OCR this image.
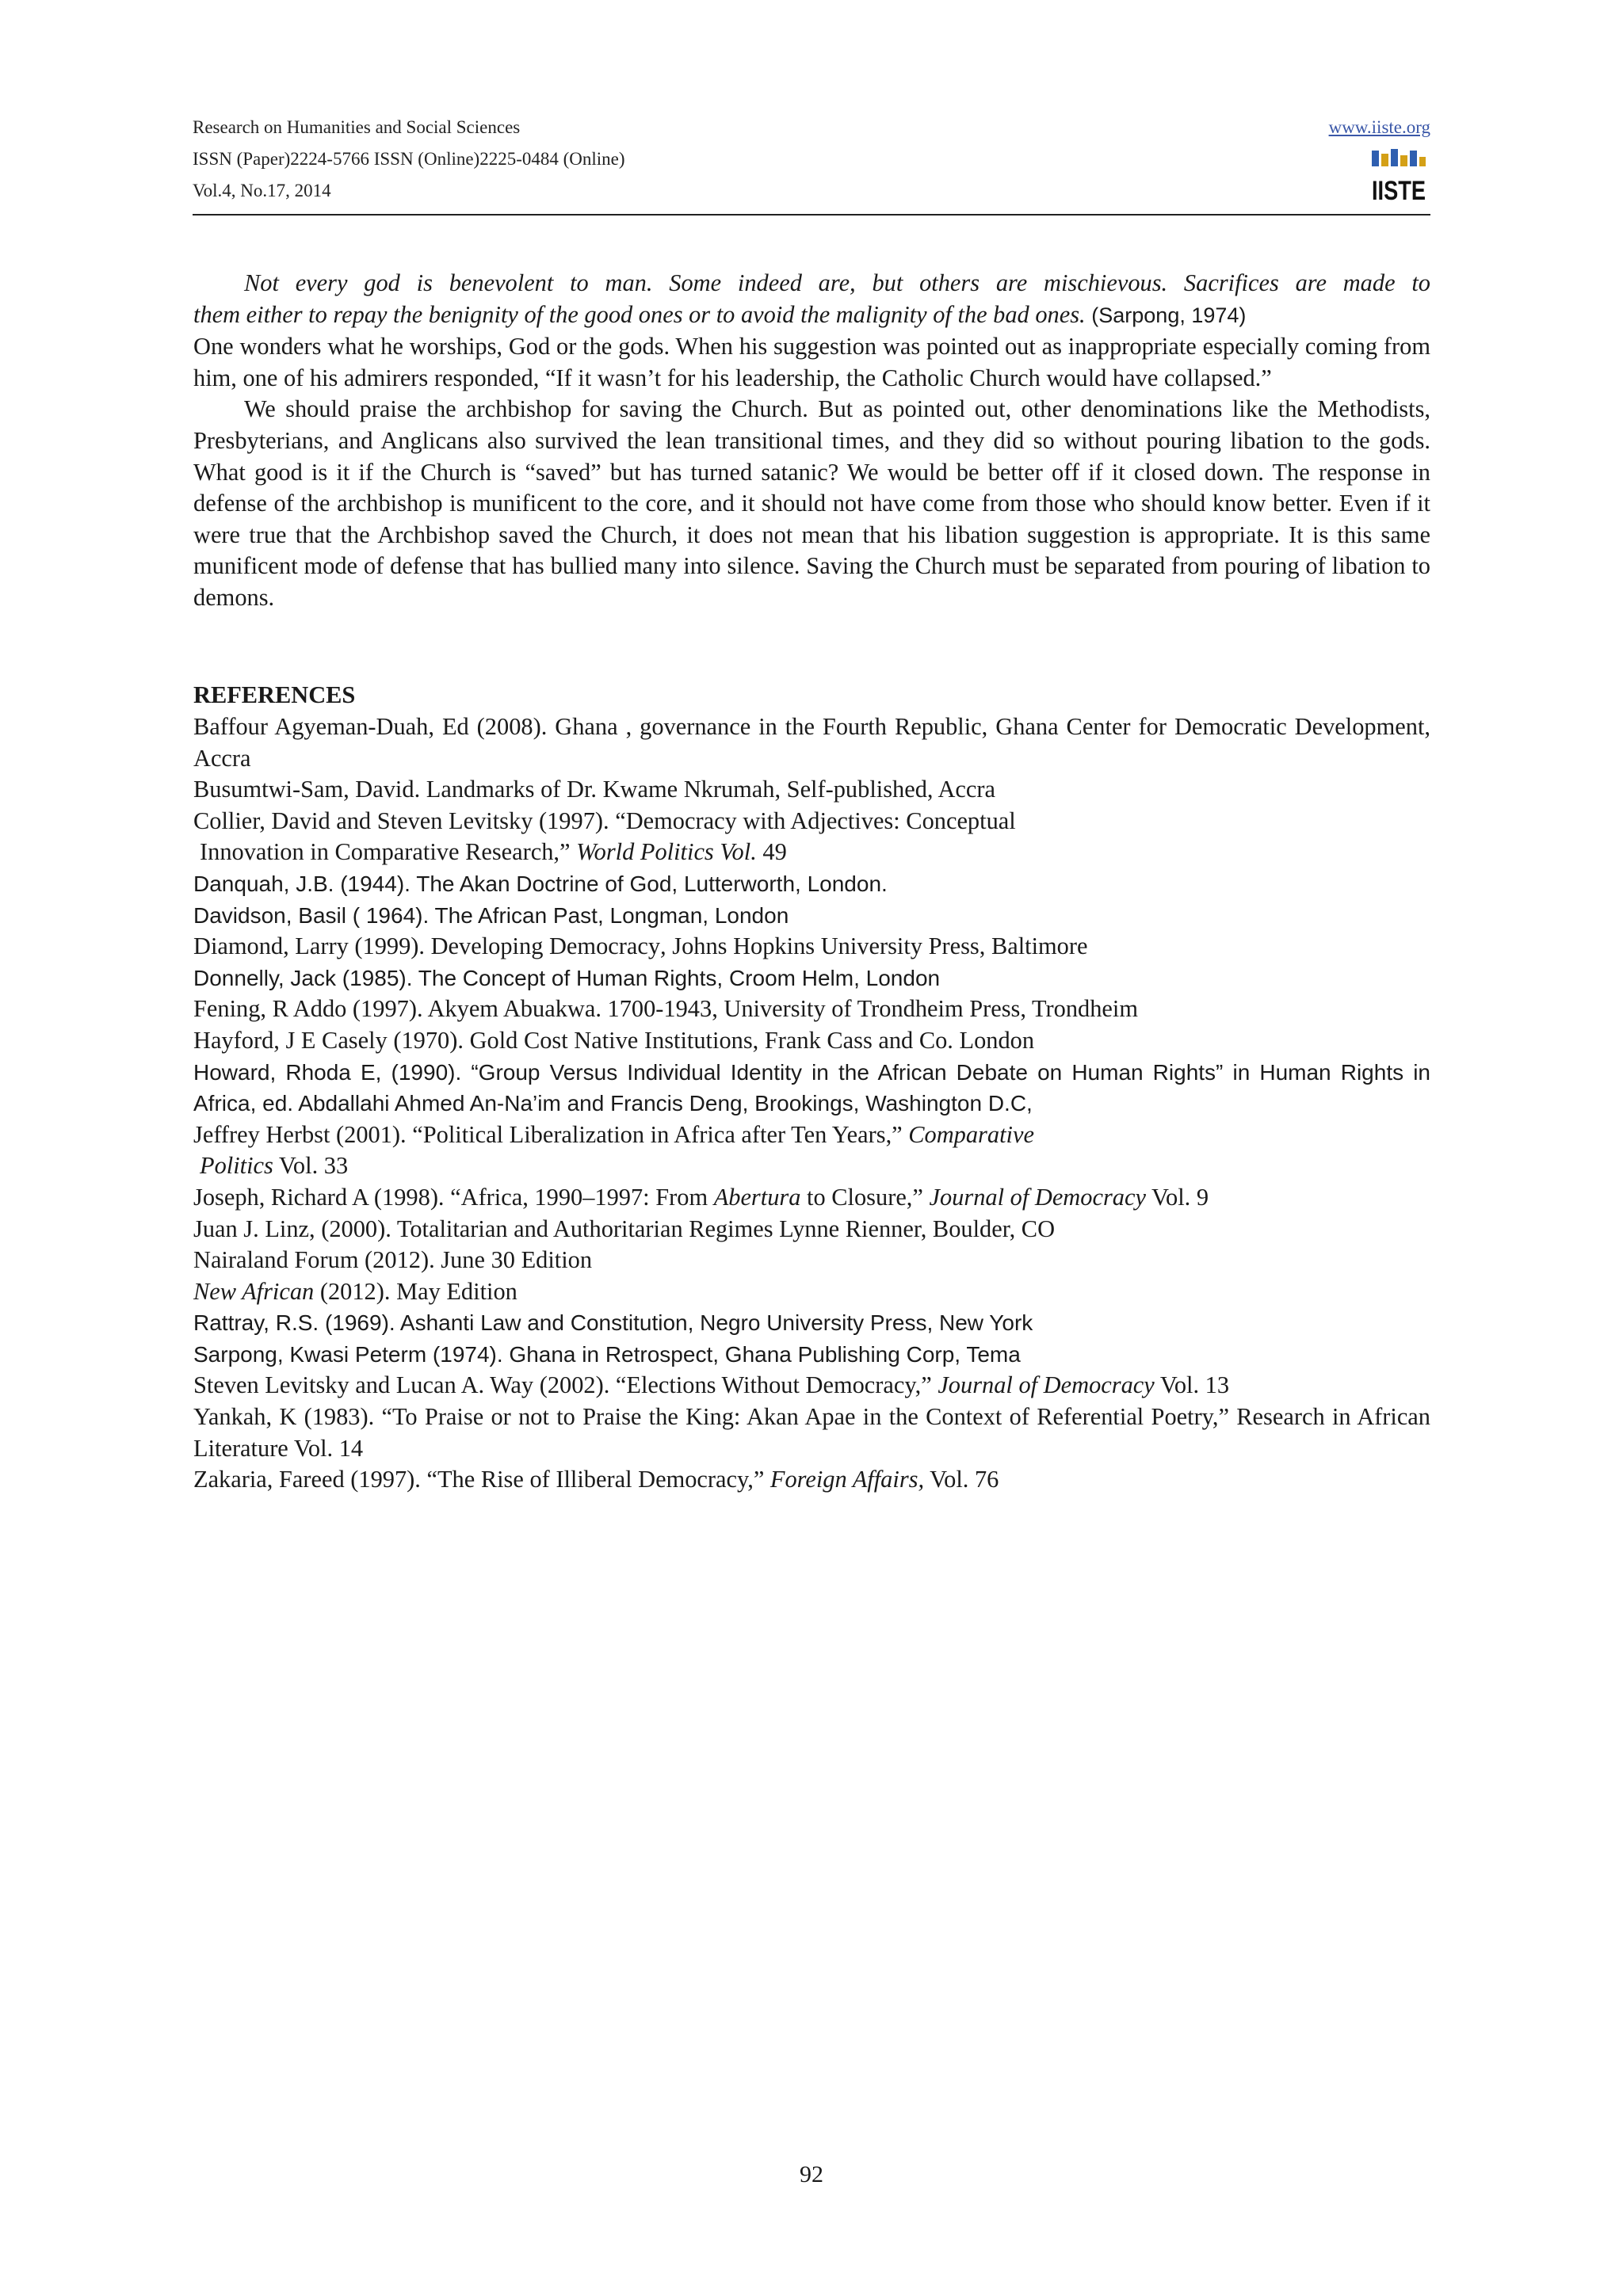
Research on Humanities and Social Sciences
ISSN (Paper)2224-5766 ISSN (Online)2225-0484 (Online)
Vol.4, No.17, 2014
www.iiste.org
IISTE

Not every god is benevolent to man. Some indeed are, but others are mischievous. Sacrifices are made to

them either to repay the benignity of the good ones or to avoid the malignity of the bad ones. (Sarpong, 1974)

One wonders what he worships, God or the gods. When his suggestion was pointed out as inappropriate especially coming from him, one of his admirers responded, “If it wasn’t for his leadership, the Catholic Church would have collapsed.”

We should praise the archbishop for saving the Church. But as pointed out, other denominations like the Methodists, Presbyterians, and Anglicans also survived the lean transitional times, and they did so without pouring libation to the gods. What good is it if the Church is “saved” but has turned satanic? We would be better off if it closed down. The response in defense of the archbishop is munificent to the core, and it should not have come from those who should know better. Even if it were true that the Archbishop saved the Church, it does not mean that his libation suggestion is appropriate. It is this same munificent mode of defense that has bullied many into silence. Saving the Church must be separated from pouring of libation to demons.

REFERENCES

Baffour Agyeman-Duah, Ed (2008). Ghana , governance in the Fourth Republic, Ghana Center for Democratic Development, Accra

Busumtwi-Sam, David. Landmarks of Dr. Kwame Nkrumah, Self-published, Accra

Collier, David and Steven Levitsky (1997). “Democracy with Adjectives: Conceptual
Innovation in Comparative Research,” World Politics Vol. 49

Danquah, J.B. (1944). The Akan Doctrine of God, Lutterworth, London.

Davidson, Basil ( 1964). The African Past, Longman, London

Diamond, Larry (1999). Developing Democracy, Johns Hopkins University Press, Baltimore

Donnelly, Jack (1985). The Concept of Human Rights, Croom Helm, London

Fening, R Addo (1997). Akyem Abuakwa. 1700-1943, University of Trondheim Press, Trondheim

Hayford, J E Casely (1970). Gold Cost Native Institutions, Frank Cass and Co. London

Howard, Rhoda E, (1990). “Group Versus Individual Identity in the African Debate on Human Rights” in Human Rights in Africa, ed. Abdallahi Ahmed An-Na’im and Francis Deng, Brookings, Washington D.C,

Jeffrey Herbst (2001). “Political Liberalization in Africa after Ten Years,” Comparative
Politics Vol. 33

Joseph, Richard A (1998). “Africa, 1990–1997: From Abertura to Closure,” Journal of Democracy Vol. 9

Juan J. Linz, (2000). Totalitarian and Authoritarian Regimes Lynne Rienner, Boulder, CO

Nairaland Forum (2012). June 30 Edition

New African (2012). May Edition

Rattray, R.S. (1969). Ashanti Law and Constitution, Negro University Press, New York

Sarpong, Kwasi Peterm (1974). Ghana in Retrospect, Ghana Publishing Corp, Tema

Steven Levitsky and Lucan A. Way (2002). “Elections Without Democracy,” Journal of Democracy Vol. 13

Yankah, K (1983). “To Praise or not to Praise the King: Akan Apae in the Context of Referential Poetry,” Research in African Literature Vol. 14

Zakaria, Fareed (1997). “The Rise of Illiberal Democracy,” Foreign Affairs, Vol. 76

92
